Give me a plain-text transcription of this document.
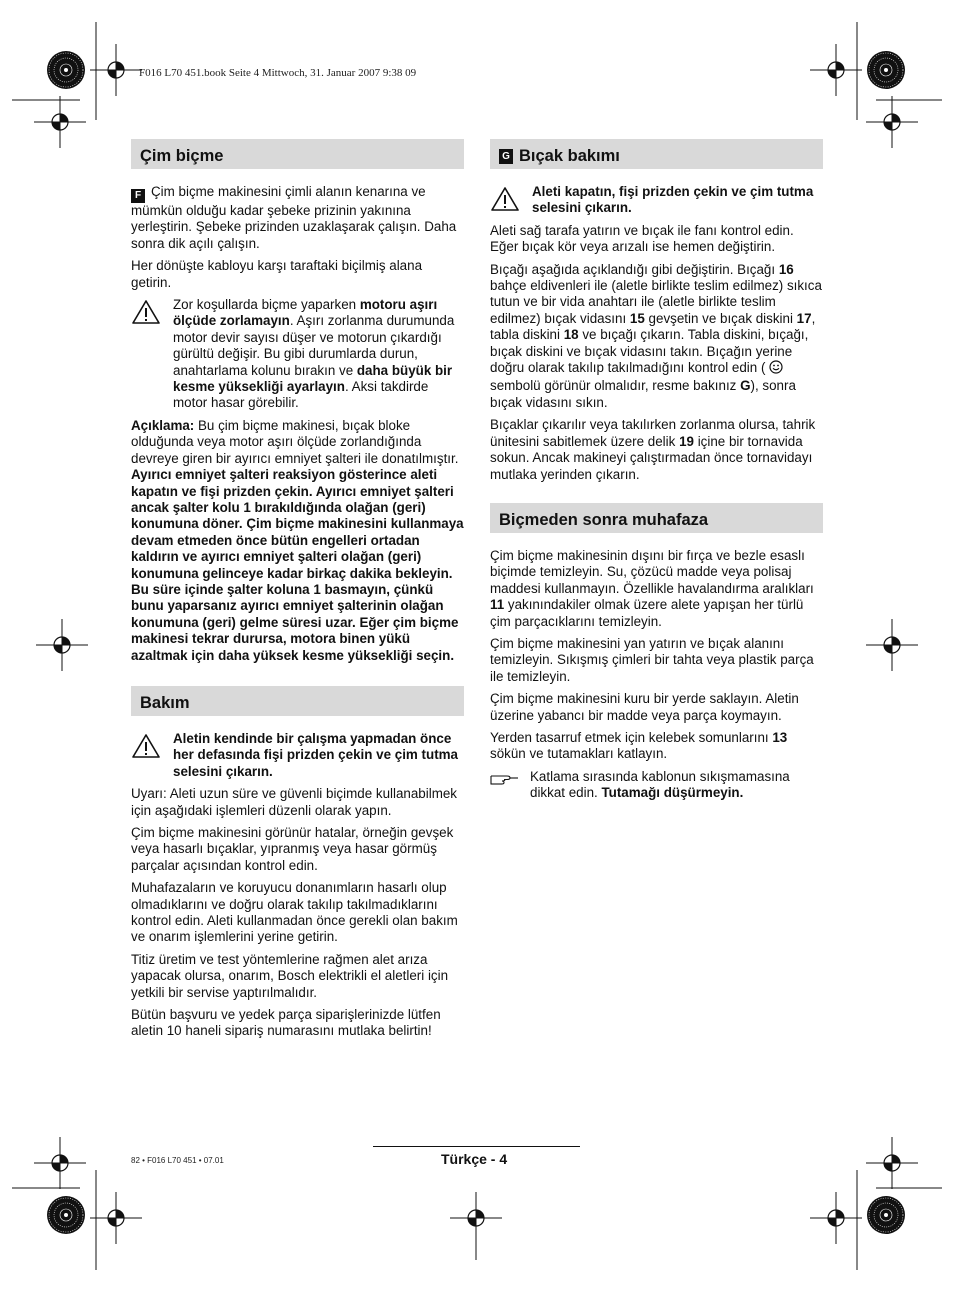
F016 L70 451.book Seite 4 Mittwoch, 31. Januar 2007 9:38 09
Çim biçme

F Çim biçme makinesini çimli alanın kenarına ve mümkün olduğu kadar şebeke prizinin yakınına yerleştirin. Şebeke prizinden uzaklaşarak çalışın. Daha sonra dik açılı çalışın.

Her dönüşte kabloyu karşı taraftaki biçilmiş alana getirin.

Zor koşullarda biçme yaparken motoru aşırı ölçüde zorlamayın. Aşırı zorlanma durumunda motor devir sayısı düşer ve motorun çıkardığı gürültü değişir. Bu gibi durumlarda durun, anahtarlama kolunu bırakın ve daha büyük bir kesme yüksekliği ayarlayın. Aksi takdirde motor hasar görebilir.

Açıklama: Bu çim biçme makinesi, bıçak bloke olduğunda veya motor aşırı ölçüde zorlandığında devreye giren bir ayırıcı emniyet şalteri ile donatılmıştır. Ayırıcı emniyet şalteri reaksiyon gösterince aleti kapatın ve fişi prizden çekin. Ayırıcı emniyet şalteri ancak şalter kolu 1 bırakıldığında olağan (geri) konumuna döner. Çim biçme makinesini kullanmaya devam etmeden önce bütün engelleri ortadan kaldırın ve ayırıcı emniyet şalteri olağan (geri) konumuna gelinceye kadar birkaç dakika bekleyin. Bu süre içinde şalter koluna 1 basmayın, çünkü bunu yaparsanız ayırıcı emniyet şalterinin olağan konumuna (geri) gelme süresi uzar. Eğer çim biçme makinesi tekrar durursa, motora binen yükü azaltmak için daha yüksek kesme yüksekliği seçin.

Bakım
Aletin kendinde bir çalışma yapmadan önce her defasında fişi prizden çekin ve çim tutma selesini çıkarın.

Uyarı: Aleti uzun süre ve güvenli biçimde kullanabilmek için aşağıdaki işlemleri düzenli olarak yapın.

Çim biçme makinesini görünür hatalar, örneğin gevşek veya hasarlı bıçaklar, yıpranmış veya hasar görmüş parçalar açısından kontrol edin.

Muhafazaların ve koruyucu donanımların hasarlı olup olmadıklarını ve doğru olarak takılıp takılmadıklarını kontrol edin. Aleti kullanmadan önce gerekli olan bakım ve onarım işlemlerini yerine getirin.

Titiz üretim ve test yöntemlerine rağmen alet arıza yapacak olursa, onarım, Bosch elektrikli el aletleri için yetkili bir servise yaptırılmalıdır.

Bütün başvuru ve yedek parça siparişlerinizde lütfen aletin 10 haneli sipariş numarasını mutlaka belirtin!

G Bıçak bakımı
Aleti kapatın, fişi prizden çekin ve çim tutma selesini çıkarın.

Aleti sağ tarafa yatırın ve bıçak ile fanı kontrol edin. Eğer bıçak kör veya arızalı ise hemen değiştirin.

Bıçağı aşağıda açıklandığı gibi değiştirin. Bıçağı 16 bahçe eldivenleri ile (aletle birlikte teslim edilmez) sıkıca tutun ve bir vida anahtarı ile (aletle birlikte teslim edilmez) bıçak vidasını 15 gevşetin ve bıçak diskini 17, tabla diskini 18 ve bıçağı çıkarın. Tabla diskini, bıçağı, bıçak diskini ve bıçak vidasını takın. Bıçağın yerine doğru olarak takılıp takılmadığını kontrol edin (  sembolü görünür olmalıdır, resme bakınız G), sonra bıçak vidasını sıkın.

Bıçaklar çıkarılır veya takılırken zorlanma olursa, tahrik ünitesini sabitlemek üzere delik 19 içine bir tornavida sokun. Ancak makineyi çalıştırmadan önce tornavidayı mutlaka yerinden çıkarın.

Biçmeden sonra muhafaza

Çim biçme makinesinin dışını bir fırça ve bezle esaslı biçimde temizleyin. Su, çözücü madde veya polisaj maddesi kullanmayın. Özellikle havalandırma aralıkları 11 yakınındakiler olmak üzere alete yapışan her türlü çim parçacıklarını temizleyin.

Çim biçme makinesini yan yatırın ve bıçak alanını temizleyin. Sıkışmış çimleri bir tahta veya plastik parça ile temizleyin.

Çim biçme makinesini kuru bir yerde saklayın. Aletin üzerine yabancı bir madde veya parça koymayın.

Yerden tasarruf etmek için kelebek somunlarını 13 sökün ve tutamakları katlayın.

Katlama sırasında kablonun sıkışmamasına dikkat edin. Tutamağı düşürmeyin.
82 • F016 L70 451 • 07.01	Türkçe - 4
